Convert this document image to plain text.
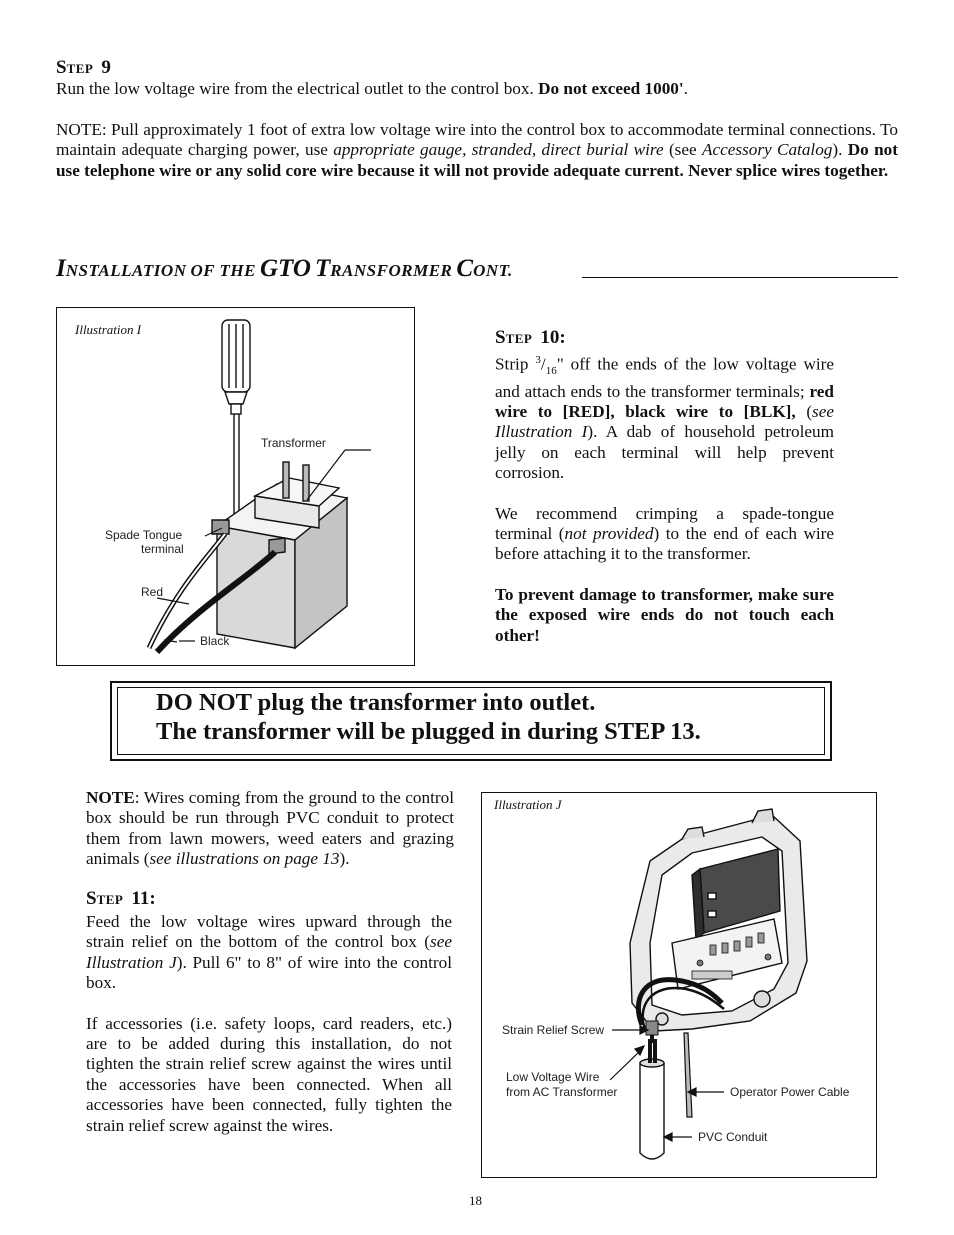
STEP 9
Run the low voltage wire from the electrical outlet to the control box. Do not exceed 1000'.

NOTE: Pull approximately 1 foot of extra low voltage wire into the control box to accommodate terminal connections. To maintain adequate charging power, use appropriate gauge, stranded, direct burial wire (see Accessory Catalog). Do not use telephone wire or any solid core wire because it will not provide adequate current. Never splice wires together.

INSTALLATION OF THE GTO TRANSFORMER CONT.
Illustration I
Transformer
Spade Tongue
terminal
Red
Black
STEP 10:

Strip $^3/_{16}$" off the ends of the low voltage wire and attach ends to the transformer terminals; red wire to [RED], black wire to [BLK], (see Illustration I). A dab of household petroleum jelly on each terminal will help prevent corrosion.

We recommend crimping a spade-tongue terminal (not provided) to the end of each wire before attaching it to the transformer.

To prevent damage to transformer, make sure the exposed wire ends do not touch each other!

DO NOT plug the transformer into outlet.
The transformer will be plugged in during STEP 13.

NOTE: Wires coming from the ground to the control box should be run through PVC conduit to protect them from lawn mowers, weed eaters and grazing animals (see illustrations on page 13).

STEP 11:

Feed the low voltage wires upward through the strain relief on the bottom of the control box (see Illustration J). Pull 6" to 8" of wire into the control box.

If accessories (i.e. safety loops, card readers, etc.) are to be added during this installation, do not tighten the strain relief screw against the wires until the accessories have been connected. When all accessories have been connected, fully tighten the strain relief screw against the wires.

Illustration J
Strain Relief Screw
Low Voltage Wire
from AC Transformer	Operator Power Cable
PVC Conduit
18
